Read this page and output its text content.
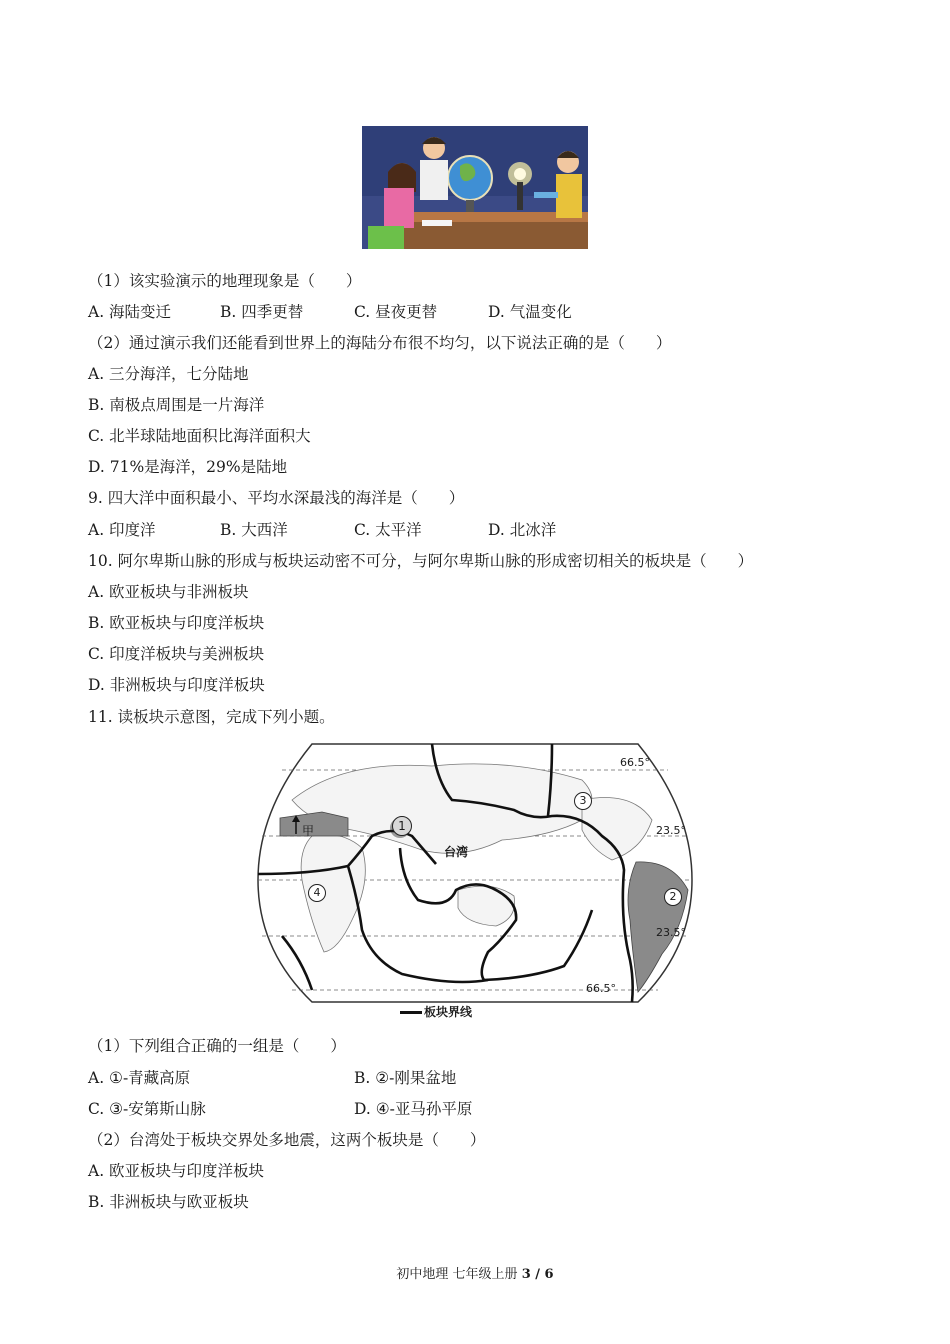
（1）该实验演示的地理现象是（　　）
A. 海陆变迁	B. 四季更替	C. 昼夜更替	D. 气温变化
（2）通过演示我们还能看到世界上的海陆分布很不均匀，以下说法正确的是（　　）
A. 三分海洋，七分陆地
B. 南极点周围是一片海洋
C. 北半球陆地面积比海洋面积大
D. 71%是海洋，29%是陆地
9. 四大洋中面积最小、平均水深最浅的海洋是（　　）
A. 印度洋	B. 大西洋	C. 太平洋	D. 北冰洋
10. 阿尔卑斯山脉的形成与板块运动密不可分，与阿尔卑斯山脉的形成密切相关的板块是（　　）
A. 欧亚板块与非洲板块
B. 欧亚板块与印度洋板块
C. 印度洋板块与美洲板块
D. 非洲板块与印度洋板块
11. 读板块示意图，完成下列小题。
甲
台湾
1
2
3
4
66.5°
23.5°
23.5°
66.5°
板块界线
（1）下列组合正确的一组是（　　）
A. ①-青藏高原	B. ②-刚果盆地
C. ③-安第斯山脉	D. ④-亚马孙平原
（2）台湾处于板块交界处多地震，这两个板块是（　　）
A. 欧亚板块与印度洋板块
B. 非洲板块与欧亚板块
初中地理 七年级上册 3 / 6
